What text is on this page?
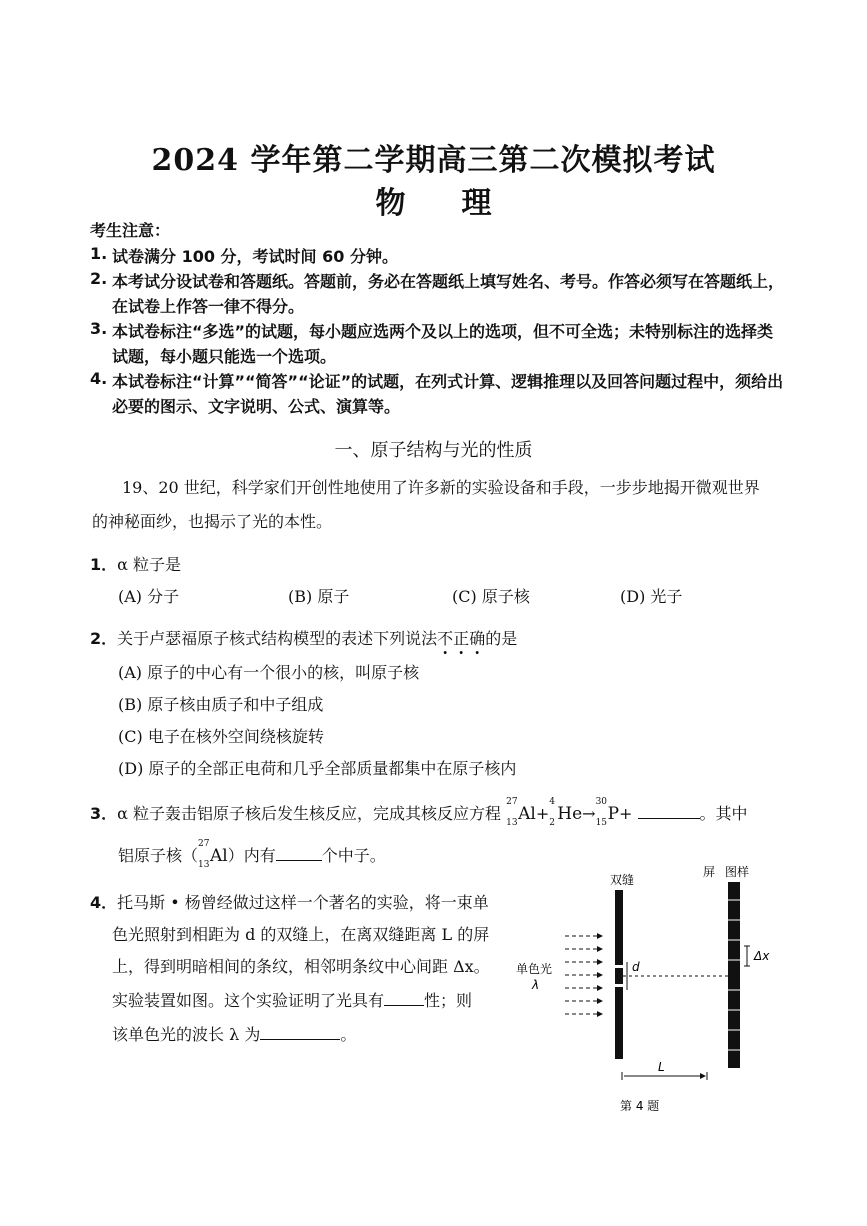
2024 学年第二学期高三第二次模拟考试
物 理
考生注意：
1. 试卷满分 100 分，考试时间 60 分钟。
2. 本考试分设试卷和答题纸。答题前，务必在答题纸上填写姓名、考号。作答必须写在答题纸上，
在试卷上作答一律不得分。
3. 本试卷标注“多选”的试题，每小题应选两个及以上的选项，但不可全选；未特别标注的选择类
试题，每小题只能选一个选项。
4. 本试卷标注“计算”“简答”“论证”的试题，在列式计算、逻辑推理以及回答问题过程中，须给出
必要的图示、文字说明、公式、演算等。
一、原子结构与光的性质
19、20 世纪，科学家们开创性地使用了许多新的实验设备和手段，一步步地揭开微观世界
的神秘面纱，也揭示了光的本性。
1．α 粒子是
(A) 分子	(B) 原子	(C) 原子核	(D) 光子
2．关于卢瑟福原子核式结构模型的表述下列说法不正确的是
(A) 原子的中心有一个很小的核，叫原子核
(B) 原子核由质子和中子组成
(C) 电子在核外空间绕核旋转
(D) 原子的全部正电荷和几乎全部质量都集中在原子核内
3．α 粒子轰击铝原子核后发生核反应，完成其核反应方程
27
13 Al+
4
2 He→
30
15 P+	。其中
铝原子核（
27
13 Al）内有	个中子。
4．托马斯 • 杨曾经做过这样一个著名的实验，将一束单
色光照射到相距为 d 的双缝上，在离双缝距离 L 的屏
上，得到明暗相间的条纹，相邻明条纹中心间距 Δx。
实验装置如图。这个实验证明了光具有	性；则
该单色光的波长 λ 为	。
双缝
屏 图样
单色光
λ
d
Δx
L
第 4 题
